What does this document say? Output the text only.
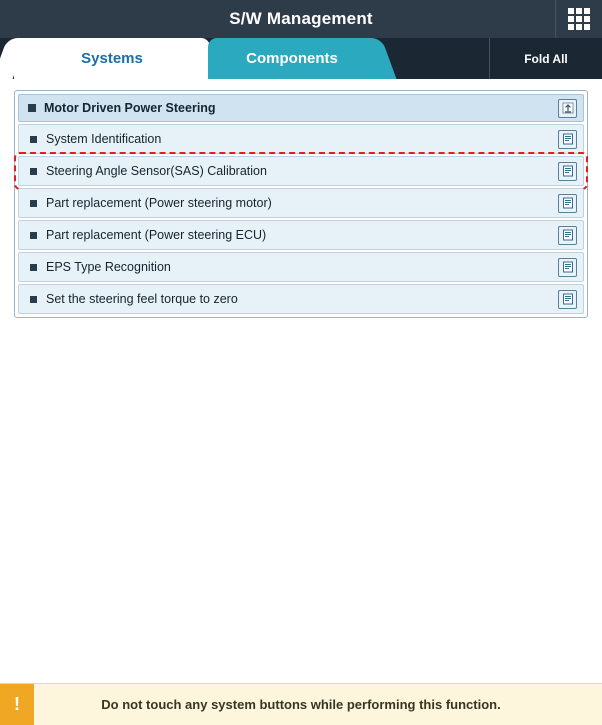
S/W Management
Systems	Components	Fold All
Motor Driven Power Steering
System Identification
Steering Angle Sensor(SAS) Calibration
Part replacement (Power steering motor)
Part replacement (Power steering ECU)
EPS Type Recognition
Set the steering feel torque to zero
!	Do not touch any system buttons while performing this function.
